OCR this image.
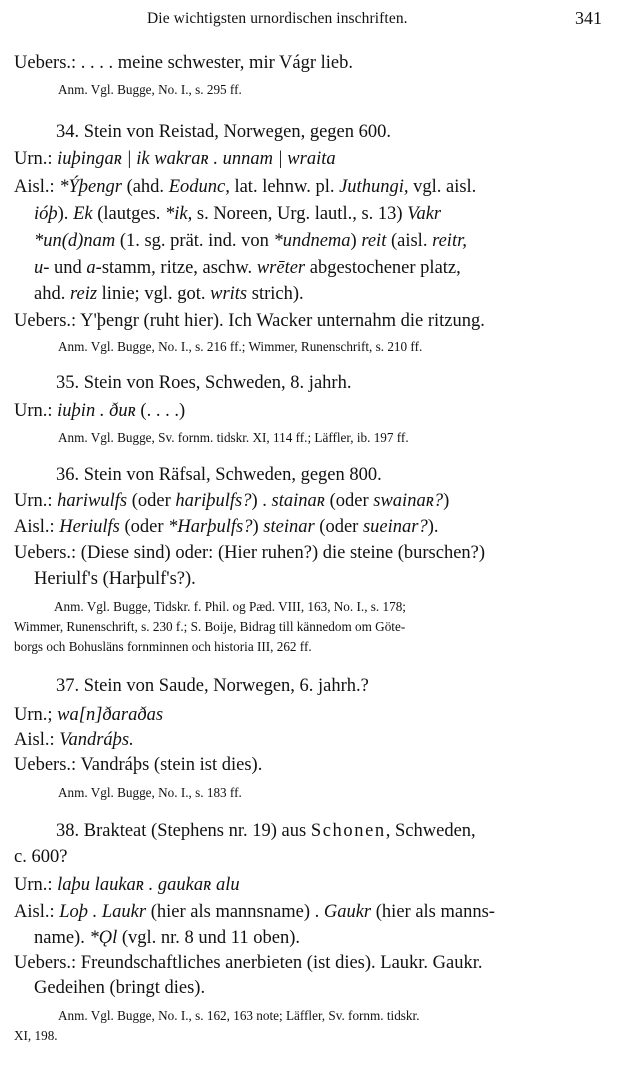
Die wichtigsten urnordischen inschriften.	341
Uebers.: . . . . meine schwester, mir Vágr lieb.
Anm. Vgl. Bugge, No. I., s. 295 ff.
34. Stein von Reistad, Norwegen, gegen 600.
Urn.: iuþingaʀ | ik wakraʀ . unnam | wraita
Aisl.: *Ýþengr (ahd. Eodunc, lat. lehnw. pl. Juthungi, vgl. aisl.
ióþ). Ek (lautges. *ik, s. Noreen, Urg. lautl., s. 13) Vakr
*un(d)nam (1. sg. prät. ind. von *undnema) reit (aisl. reitr,
u- und a-stamm, ritze, aschw. wrēter abgestochener platz,
ahd. reiz linie; vgl. got. writs strich).
Uebers.: Y'þengr (ruht hier). Ich Wacker unternahm die ritzung.
Anm. Vgl. Bugge, No. I., s. 216 ff.; Wimmer, Runenschrift, s. 210 ff.
35. Stein von Roes, Schweden, 8. jahrh.
Urn.: iuþin . ðuʀ (. . . .)
Anm. Vgl. Bugge, Sv. fornm. tidskr. XI, 114 ff.; Läffler, ib. 197 ff.
36. Stein von Räfsal, Schweden, gegen 800.
Urn.: hariwulfs (oder hariþulfs?) . stainaʀ (oder swainaʀ?)
Aisl.: Heriulfs (oder *Harþulfs?) steinar (oder sueinar?).
Uebers.: (Diese sind) oder: (Hier ruhen?) die steine (burschen?)
Heriulf's (Harþulf's?).
Anm. Vgl. Bugge, Tidskr. f. Phil. og Pæd. VIII, 163, No. I., s. 178;
Wimmer, Runenschrift, s. 230 f.; S. Boije, Bidrag till kännedom om Göte-
borgs och Bohusläns fornminnen och historia III, 262 ff.
37. Stein von Saude, Norwegen, 6. jahrh.?
Urn.; wa[n]ðaraðas
Aisl.: Vandráþs.
Uebers.: Vandráþs (stein ist dies).
Anm. Vgl. Bugge, No. I., s. 183 ff.
38. Brakteat (Stephens nr. 19) aus Schonen, Schweden,
c. 600?
Urn.: laþu laukaʀ . gaukaʀ alu
Aisl.: Loþ . Laukr (hier als mannsname) . Gaukr (hier als manns-
name). *Ǫl (vgl. nr. 8 und 11 oben).
Uebers.: Freundschaftliches anerbieten (ist dies). Laukr. Gaukr.
Gedeihen (bringt dies).
Anm. Vgl. Bugge, No. I., s. 162, 163 note; Läffler, Sv. fornm. tidskr.
XI, 198.
